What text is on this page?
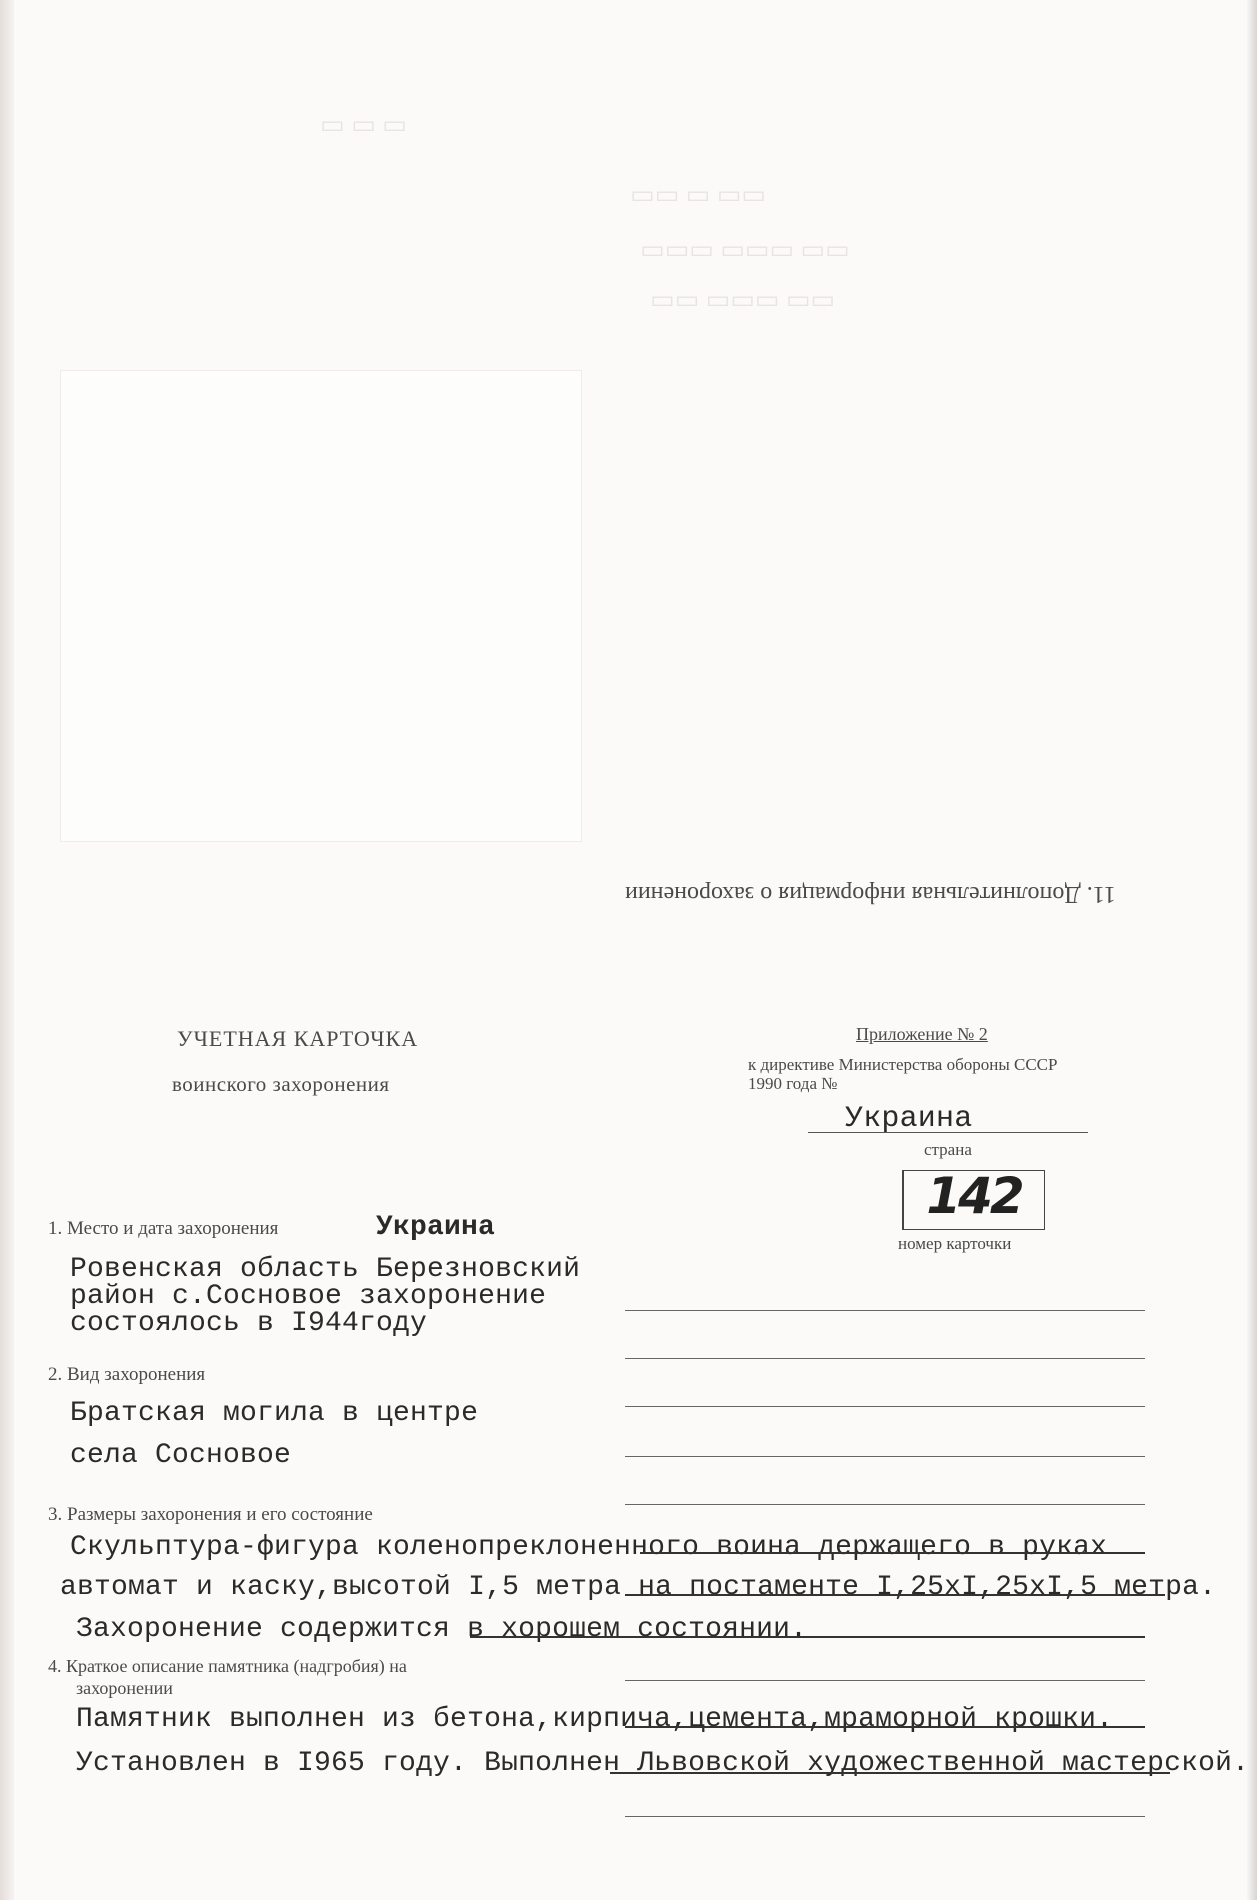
▭ ▭ ▭
▭▭ ▭ ▭▭
▭▭▭ ▭▭▭ ▭▭
▭▭ ▭▭▭ ▭▭
11. Дополнительная информация о захоронении
УЧЕТНАЯ КАРТОЧКА
воинского захоронения
Приложение № 2
к директиве Министерства обороны СССР
1990 года №
Украина
страна
142
номер карточки
1. Место и дата захоронения	Украина
Ровенская область Березновский
район с.Сосновое захоронение
состоялось в I944году
2. Вид захоронения
Братская могила в центре
села Сосновое
3. Размеры захоронения и его состояние
Скульптура-фигура коленопреклоненного воина держащего в руках
автомат и каску,высотой I,5 метра на постаменте I,25хI,25хI,5 метра.
Захоронение содержится в хорошем состоянии.
4. Краткое описание памятника (надгробия) на
захоронении
Памятник выполнен из бетона,кирпича,цемента,мраморной крошки.
Установлен в I965 году. Выполнен Львовской художественной мастерской.
